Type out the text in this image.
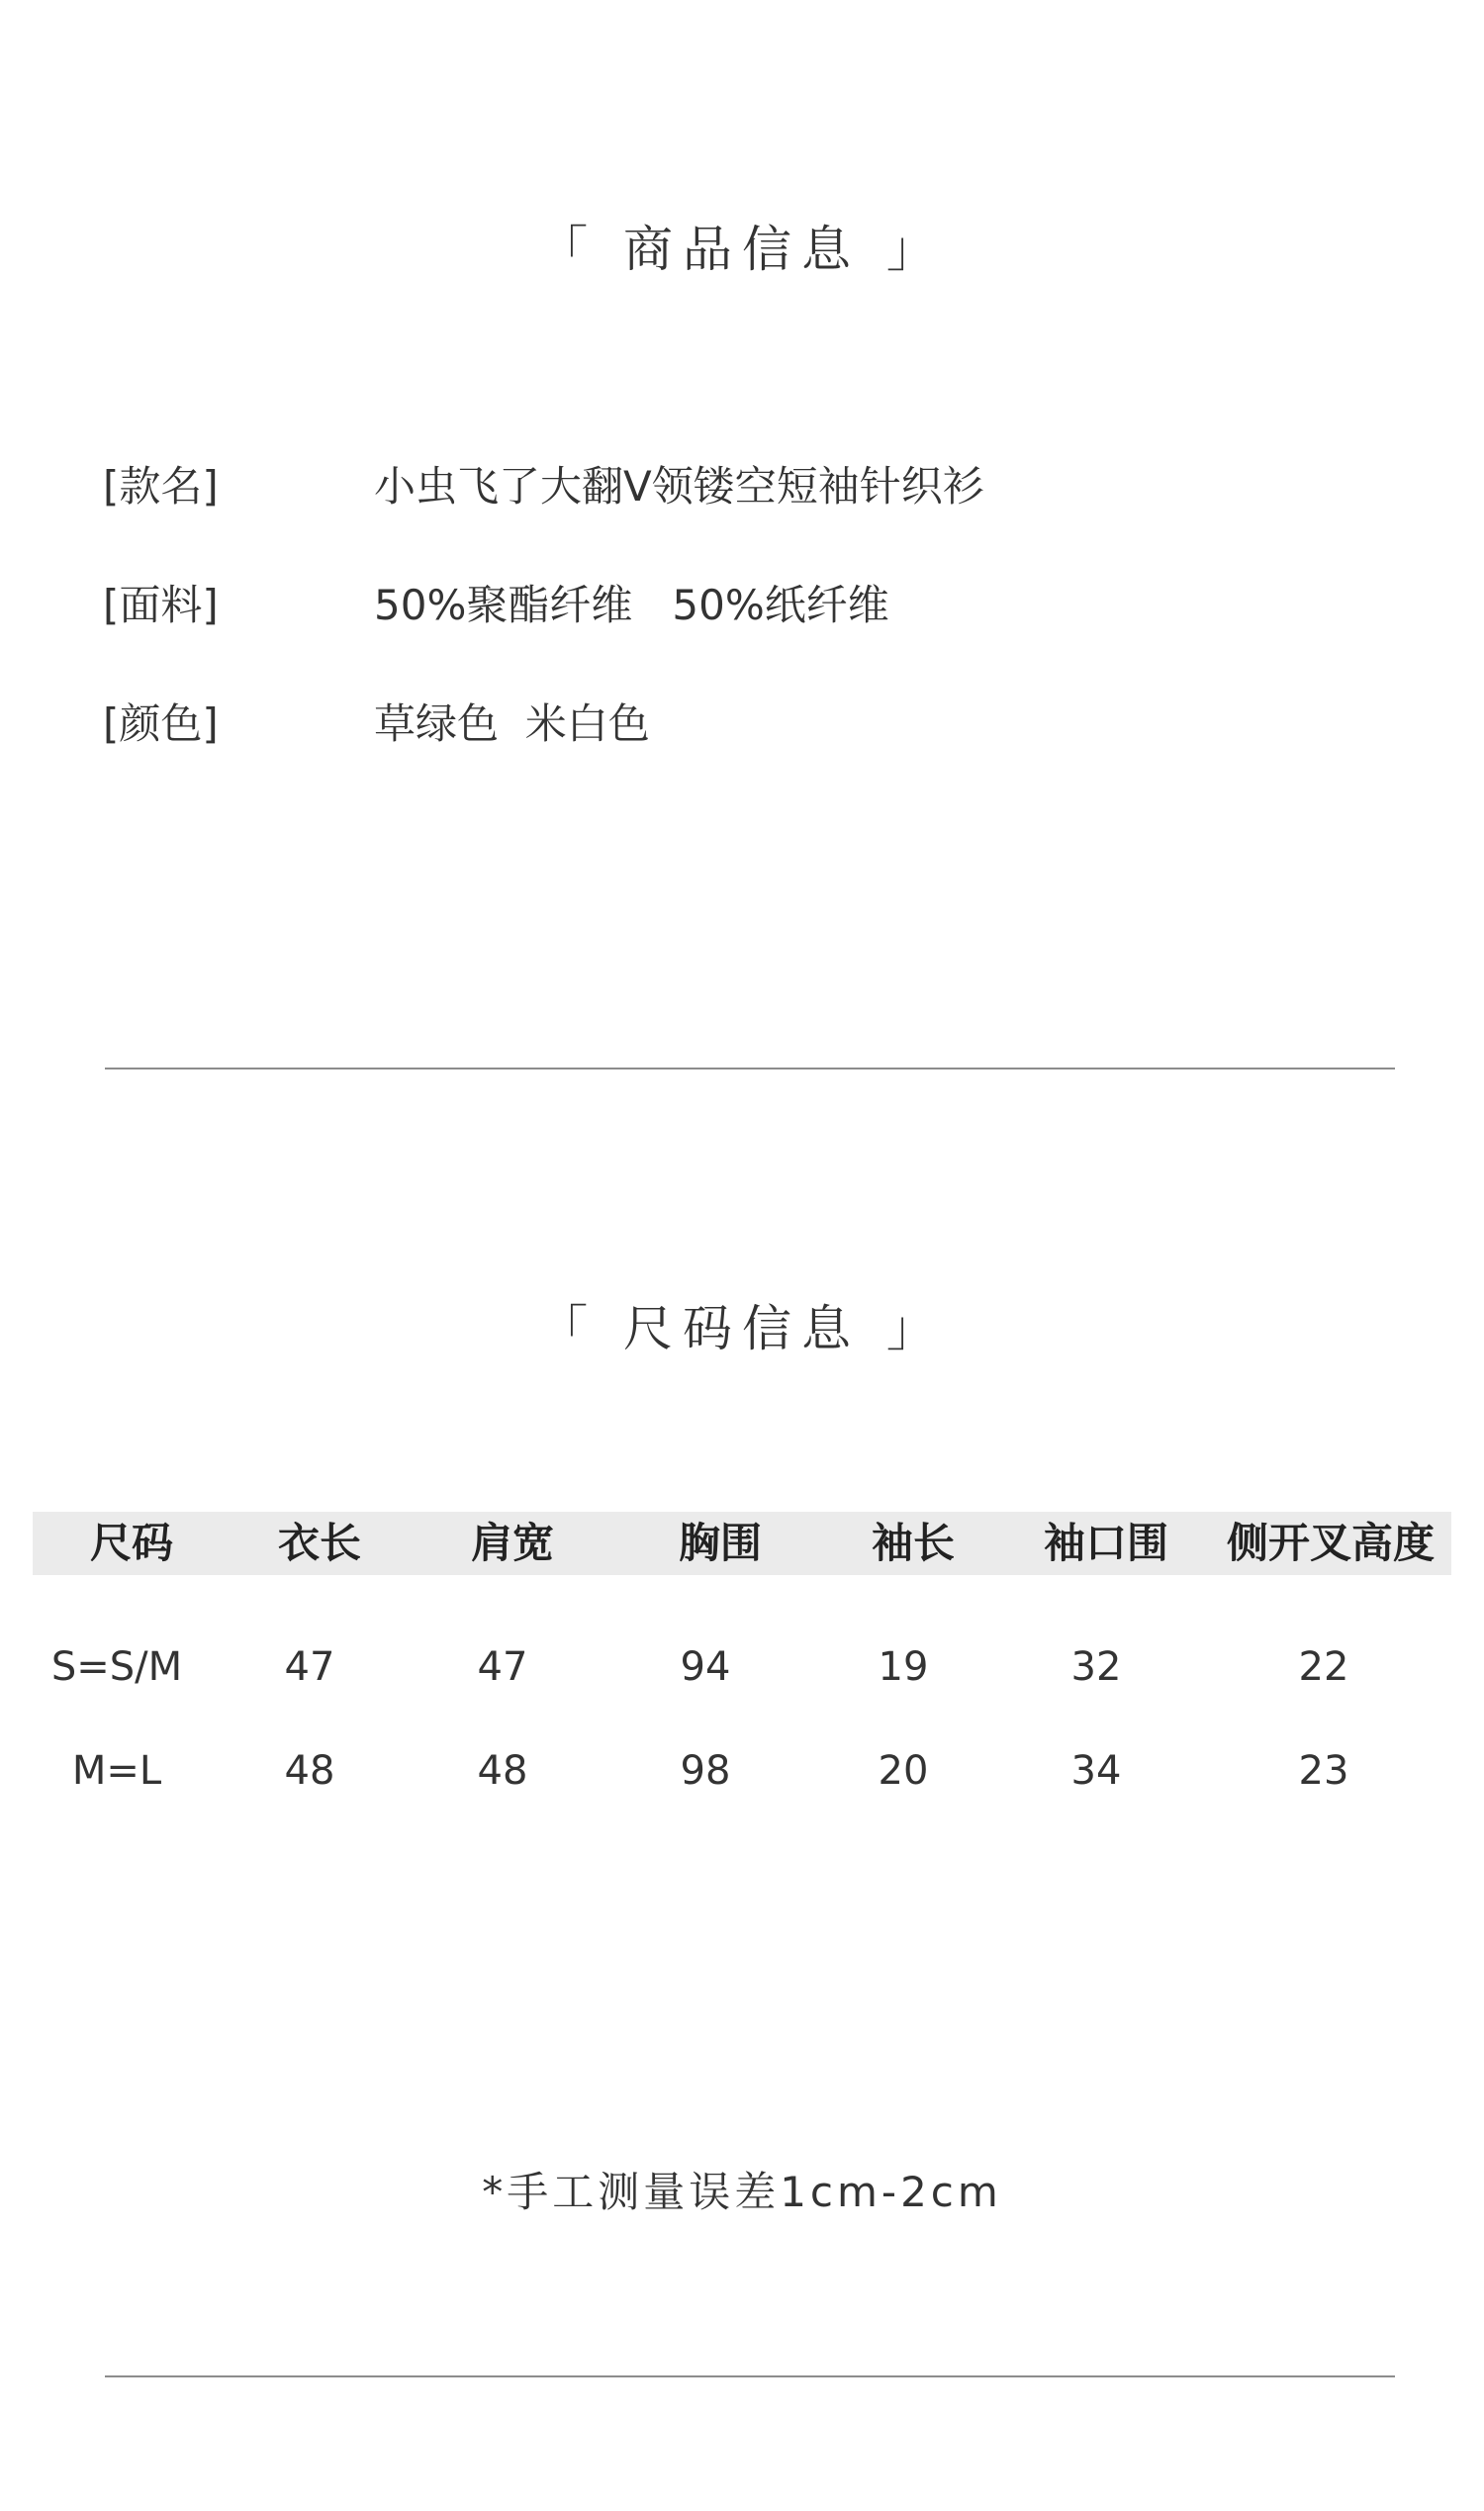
「 商品信息 」
[款名]	小虫飞了大翻V领镂空短袖针织衫
[面料]	50%聚酯纤维   50%纸纤维
[颜色]	草绿色  米白色
「 尺码信息 」
尺码	衣长	肩宽	胸围	袖长	袖口围	侧开叉高度
S=S/M	47	47	94	19	32	22
M=L	48	48	98	20	34	23
*手工测量误差1cm-2cm
